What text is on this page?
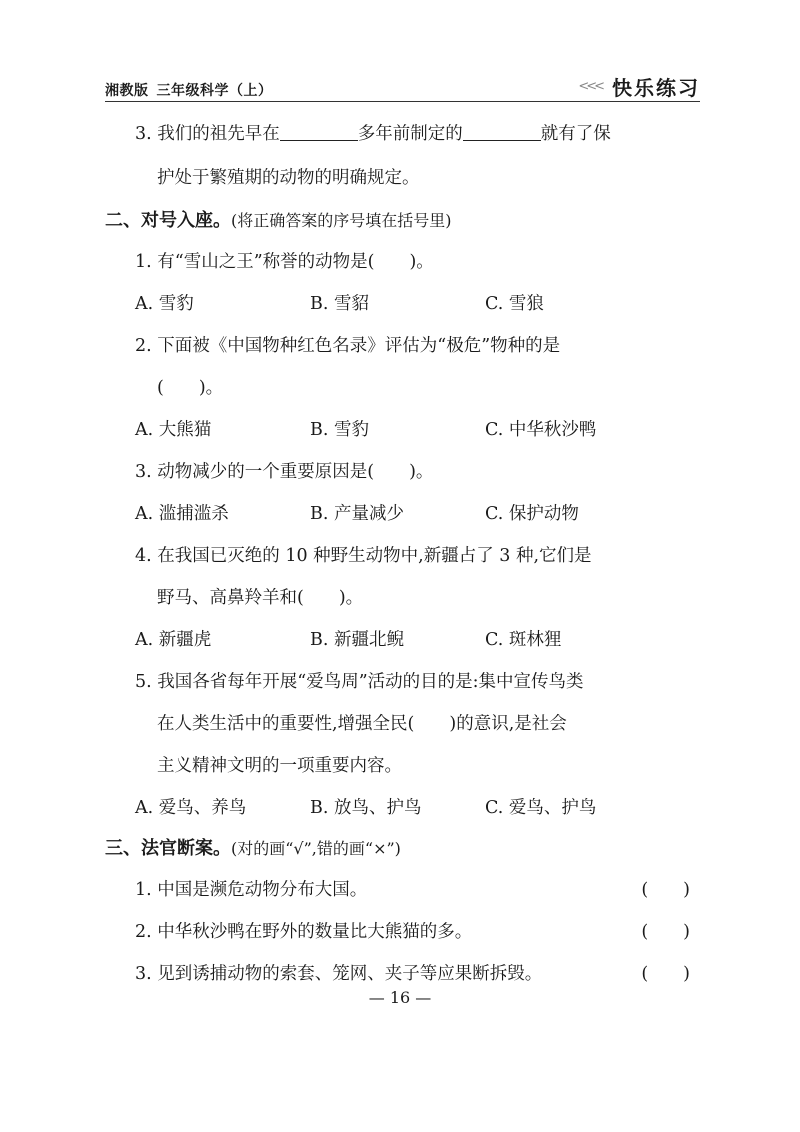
湘教版 三年级科学（上）	<<< 快乐练习
3. 我们的祖先早在	多年前制定的	就有了保
护处于繁殖期的动物的明确规定。
二、对号入座。(将正确答案的序号填在括号里)
1. 有“雪山之王”称誉的动物是(　　)。
A. 雪豹	B. 雪貂	C. 雪狼
2. 下面被《中国物种红色名录》评估为“极危”物种的是
(　　)。
A. 大熊猫	B. 雪豹	C. 中华秋沙鸭
3. 动物减少的一个重要原因是(　　)。
A. 滥捕滥杀	B. 产量减少	C. 保护动物
4. 在我国已灭绝的 10 种野生动物中,新疆占了 3 种,它们是
野马、高鼻羚羊和(　　)。
A. 新疆虎	B. 新疆北鲵	C. 斑林狸
5. 我国各省每年开展“爱鸟周”活动的目的是:集中宣传鸟类
在人类生活中的重要性,增强全民(　　)的意识,是社会
主义精神文明的一项重要内容。
A. 爱鸟、养鸟	B. 放鸟、护鸟	C. 爱鸟、护鸟
三、法官断案。(对的画“√”,错的画“×”)
1. 中国是濒危动物分布大国。	(　　)
2. 中华秋沙鸭在野外的数量比大熊猫的多。	(　　)
3. 见到诱捕动物的索套、笼网、夹子等应果断拆毁。	(　　)
— 16 —
